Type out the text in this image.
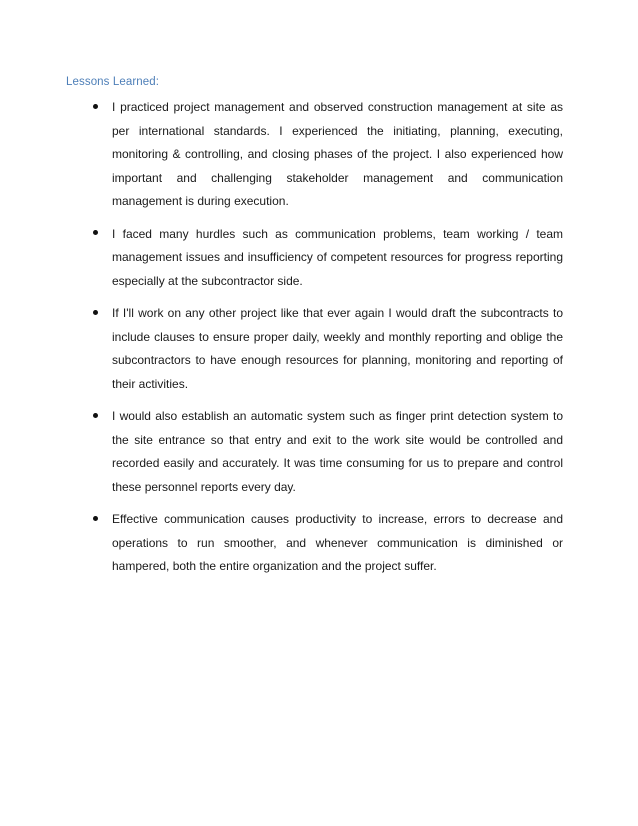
Lessons Learned:
I practiced project management and observed construction management at site as per international standards. I experienced the initiating, planning, executing, monitoring & controlling, and closing phases of the project. I also experienced how important and challenging stakeholder management and communication management is during execution.
I faced many hurdles such as communication problems, team working / team management issues and insufficiency of competent resources for progress reporting especially at the subcontractor side.
If I'll work on any other project like that ever again I would draft the subcontracts to include clauses to ensure proper daily, weekly and monthly reporting and oblige the subcontractors to have enough resources for planning, monitoring and reporting of their activities.
I would also establish an automatic system such as finger print detection system to the site entrance so that entry and exit to the work site would be controlled and recorded easily and accurately. It was time consuming for us to prepare and control these personnel reports every day.
Effective communication causes productivity to increase, errors to decrease and operations to run smoother, and whenever communication is diminished or hampered, both the entire organization and the project suffer.
